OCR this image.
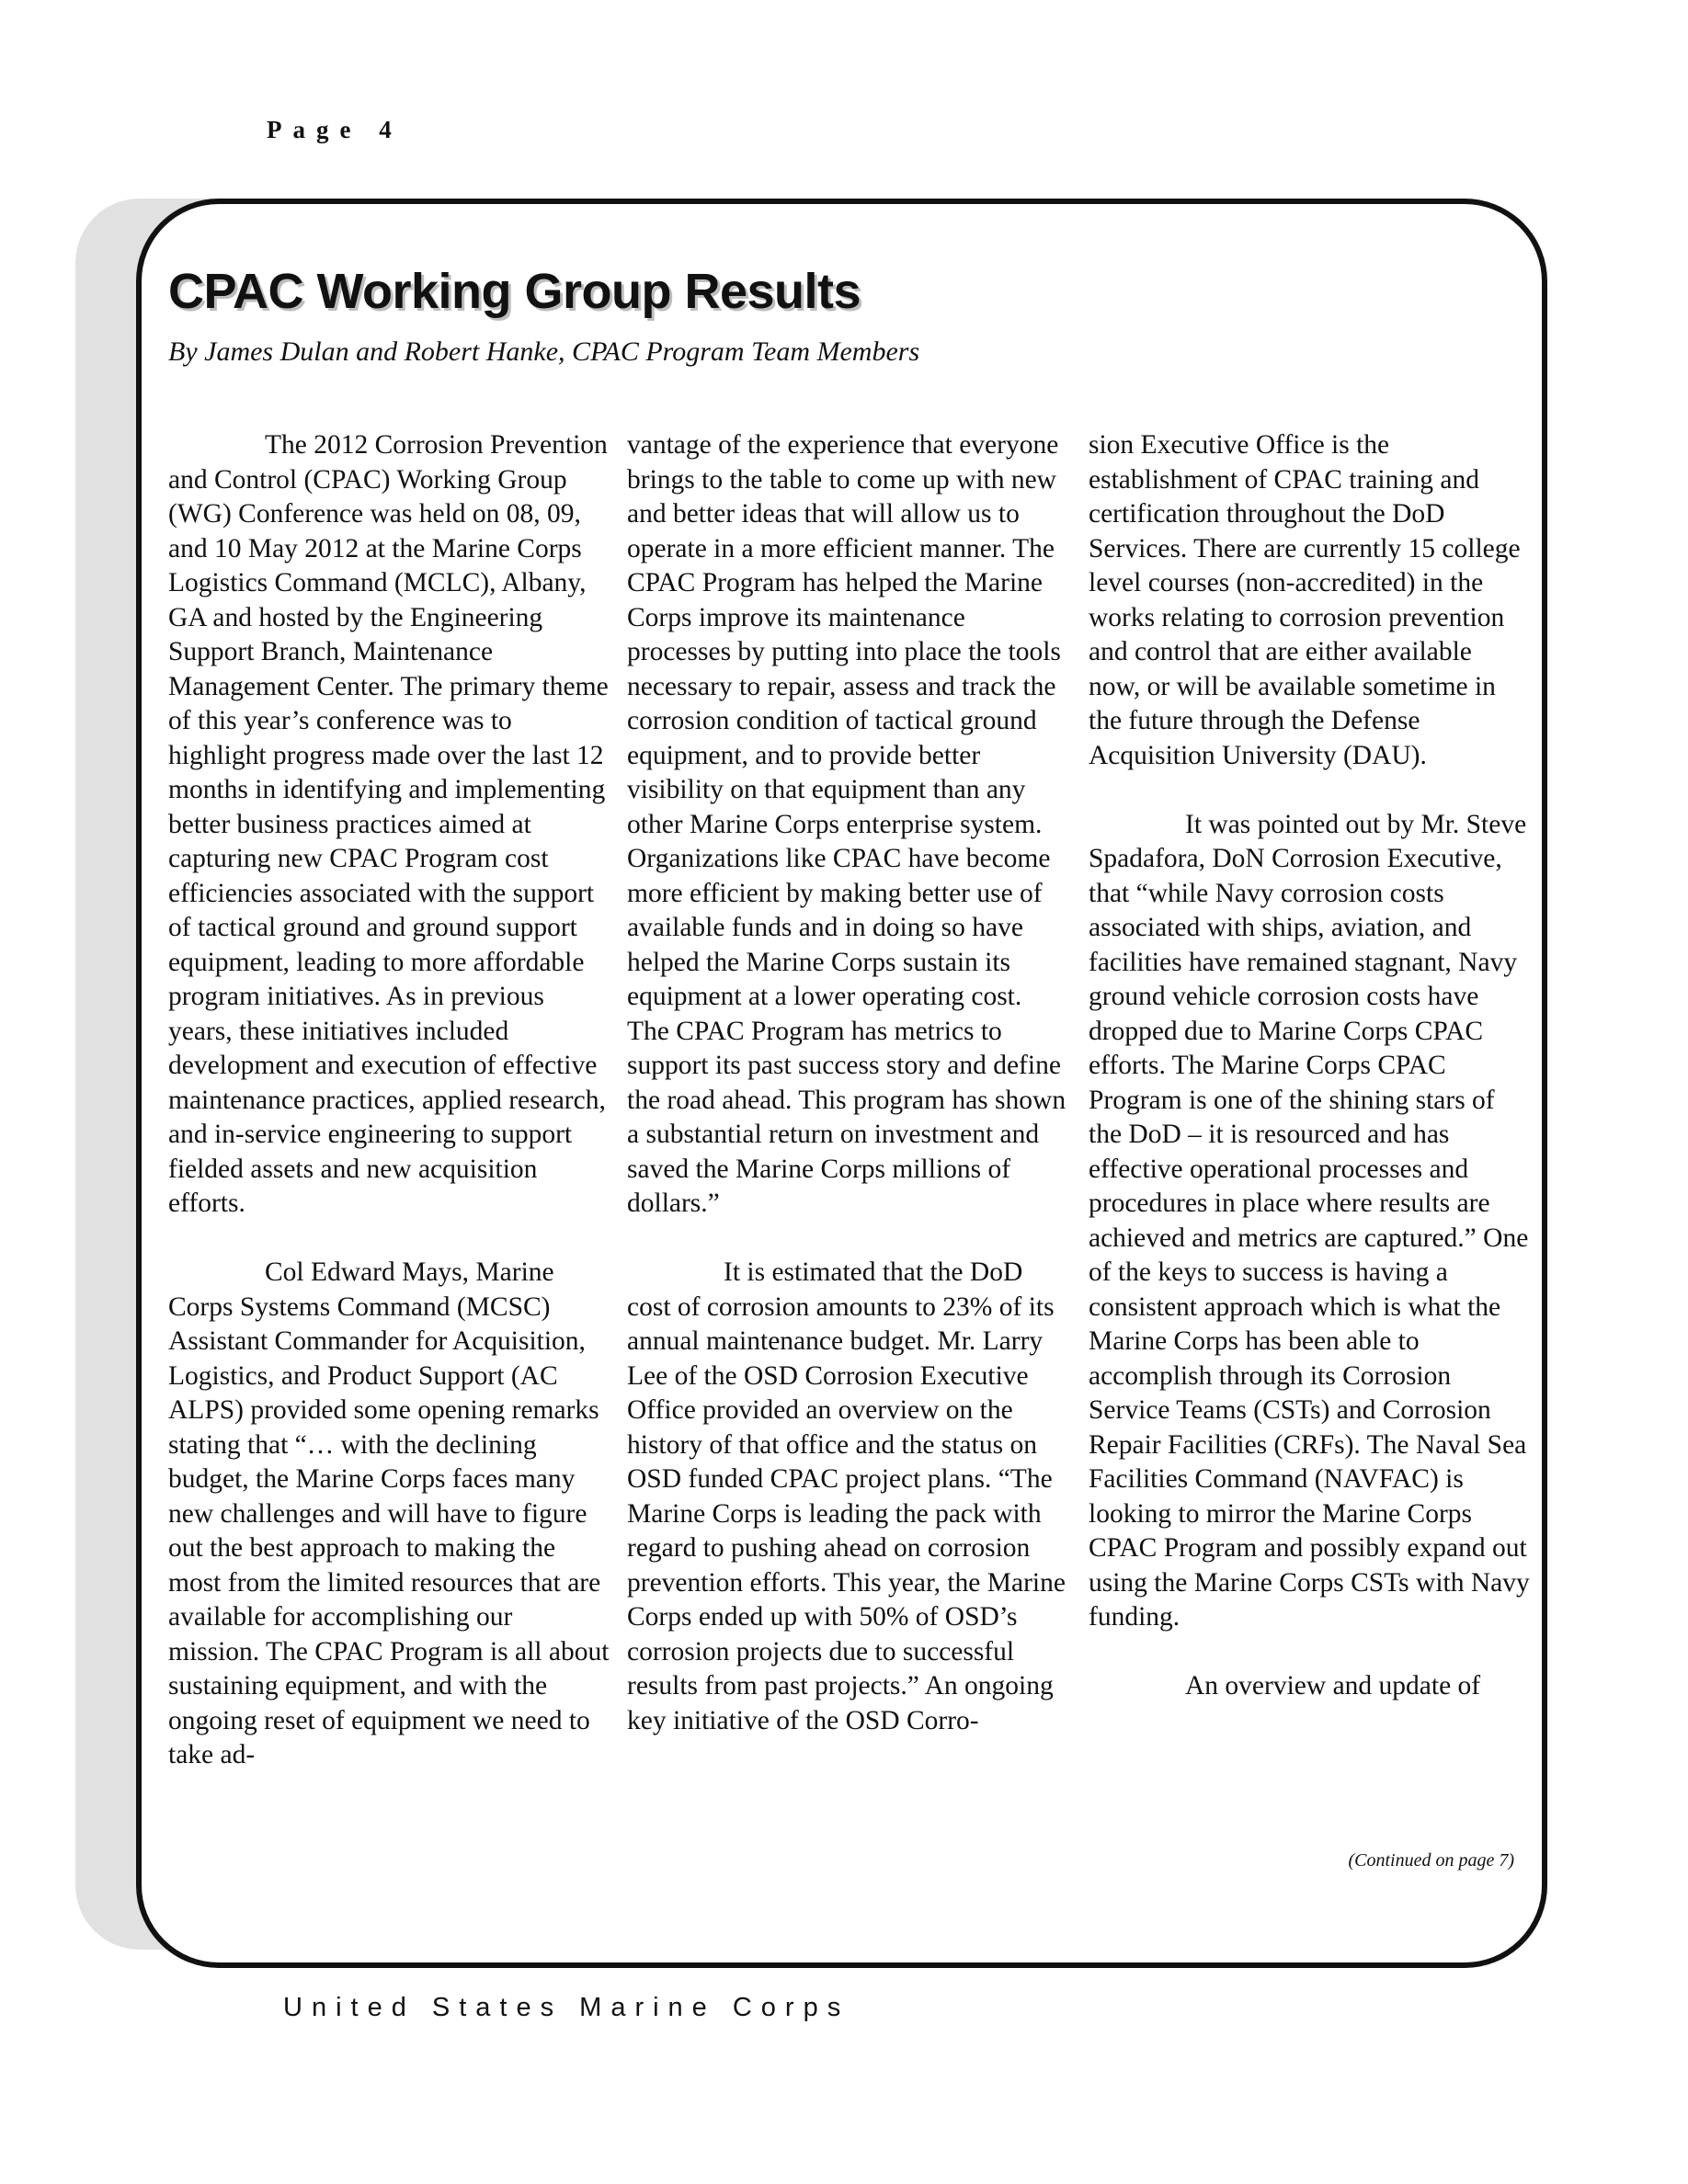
Page 4
CPAC Working Group Results
By James Dulan and Robert Hanke, CPAC Program Team Members

The 2012 Corrosion Prevention and Control (CPAC) Working Group (WG) Conference was held on 08, 09, and 10 May 2012 at the Marine Corps Logistics Command (MCLC), Albany, GA and hosted by the Engineering Support Branch, Maintenance Management Center. The primary theme of this year’s conference was to highlight progress made over the last 12 months in identifying and implementing better business practices aimed at capturing new CPAC Program cost efficiencies associated with the support of tactical ground and ground support equipment, leading to more affordable program initiatives. As in previous years, these initiatives included development and execution of effective maintenance practices, applied research, and in-service engineering to support fielded assets and new acquisition efforts.

Col Edward Mays, Marine Corps Systems Command (MCSC) Assistant Commander for Acquisition, Logistics, and Product Support (AC ALPS) provided some opening remarks stating that “… with the declining budget, the Marine Corps faces many new challenges and will have to figure out the best approach to making the most from the limited resources that are available for accomplishing our mission. The CPAC Program is all about sustaining equipment, and with the ongoing reset of equipment we need to take ad-

vantage of the experience that everyone brings to the table to come up with new and better ideas that will allow us to operate in a more efficient manner. The CPAC Program has helped the Marine Corps improve its maintenance processes by putting into place the tools necessary to repair, assess and track the corrosion condition of tactical ground equipment, and to provide better visibility on that equipment than any other Marine Corps enterprise system. Organizations like CPAC have become more efficient by making better use of available funds and in doing so have helped the Marine Corps sustain its equipment at a lower operating cost. The CPAC Program has metrics to support its past success story and define the road ahead. This program has shown a substantial return on investment and saved the Marine Corps millions of dollars.”

It is estimated that the DoD cost of corrosion amounts to 23% of its annual maintenance budget. Mr. Larry Lee of the OSD Corrosion Executive Office provided an overview on the history of that office and the status on OSD funded CPAC project plans. “The Marine Corps is leading the pack with regard to pushing ahead on corrosion prevention efforts. This year, the Marine Corps ended up with 50% of OSD’s corrosion projects due to successful results from past projects.” An ongoing key initiative of the OSD Corro-

sion Executive Office is the establishment of CPAC training and certification throughout the DoD Services. There are currently 15 college level courses (non-accredited) in the works relating to corrosion prevention and control that are either available now, or will be available sometime in the future through the Defense Acquisition University (DAU).

It was pointed out by Mr. Steve Spadafora, DoN Corrosion Executive, that “while Navy corrosion costs associated with ships, aviation, and facilities have remained stagnant, Navy ground vehicle corrosion costs have dropped due to Marine Corps CPAC efforts. The Marine Corps CPAC Program is one of the shining stars of the DoD – it is resourced and has effective operational processes and procedures in place where results are achieved and metrics are captured.” One of the keys to success is having a consistent approach which is what the Marine Corps has been able to accomplish through its Corrosion Service Teams (CSTs) and Corrosion Repair Facilities (CRFs). The Naval Sea Facilities Command (NAVFAC) is looking to mirror the Marine Corps CPAC Program and possibly expand out using the Marine Corps CSTs with Navy funding.

An overview and update of

(Continued on page 7)
United States Marine Corps
